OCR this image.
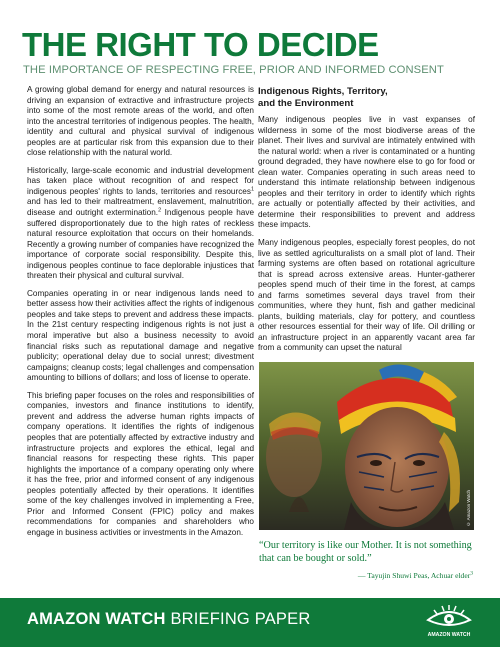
THE RIGHT TO DECIDE
THE IMPORTANCE OF RESPECTING FREE, PRIOR AND INFORMED CONSENT

A growing global demand for energy and natural resources is driving an expansion of extractive and infrastructure projects into some of the most remote areas of the world, and often into the ancestral territories of indigenous peoples. The health, identity and cultural and physical survival of indigenous peoples are at particular risk from this expansion due to their close relationship with the natural world.

Historically, large-scale economic and industrial development has taken place without recognition of and respect for indigenous peoples' rights to lands, territories and resources$^1$ and has led to their maltreatment, enslavement, malnutrition, disease and outright extermination.$^2$ Indigenous people have suffered disproportionately due to the high rates of reckless natural resource exploitation that occurs on their homelands. Recently a growing number of companies have recognized the importance of corporate social responsibility. Despite this, indigenous peoples continue to face deplorable injustices that threaten their physical and cultural survival.

Companies operating in or near indigenous lands need to better assess how their activities affect the rights of indigenous peoples and take steps to prevent and address these impacts. In the 21st century respecting indigenous rights is not just a moral imperative but also a business necessity to avoid financial risks such as reputational damage and negative publicity; operational delay due to social unrest; divestment campaigns; cleanup costs; legal challenges and compensation amounting to billions of dollars; and loss of license to operate.

This briefing paper focuses on the roles and responsibilities of companies, investors and finance institutions to identify, prevent and address the adverse human rights impacts of company operations. It identifies the rights of indigenous peoples that are potentially affected by extractive industry and infrastructure projects and explores the ethical, legal and financial reasons for respecting these rights. This paper highlights the importance of a company operating only where it has the free, prior and informed consent of any indigenous peoples potentially affected by their operations. It identifies some of the key challenges involved in implementing a Free, Prior and Informed Consent (FPIC) policy and makes recommendations for companies and shareholders who engage in business activities or investments in the Amazon.

Indigenous Rights, Territory,
and the Environment

Many indigenous peoples live in vast expanses of wilderness in some of the most biodiverse areas of the planet. Their lives and survival are intimately entwined with the natural world: when a river is contaminated or a hunting ground degraded, they have nowhere else to go for food or clean water. Companies operating in such areas need to understand this intimate relationship between indigenous peoples and their territory in order to identify which rights are actually or potentially affected by their activities, and determine their responsibilities to prevent and address these impacts.

Many indigenous peoples, especially forest peoples, do not live as settled agriculturalists on a small plot of land. Their farming systems are often based on rotational agriculture that is spread across extensive areas. Hunter-gatherer peoples spend much of their time in the forest, at camps and farms sometimes several days travel from their communities, where they hunt, fish and gather medicinal plants, building materials, clay for pottery, and countless other resources essential for their way of life. Oil drilling or an infrastructure project in an apparently vacant area far from a community can upset the natural

© Amazon Watch
“Our territory is like our Mother. It is not something that can be bought or sold.”
— Tayujin Shuwi Peas, Achuar elder$^3$
AMAZON WATCH BRIEFING PAPER
AMAZON WATCH
